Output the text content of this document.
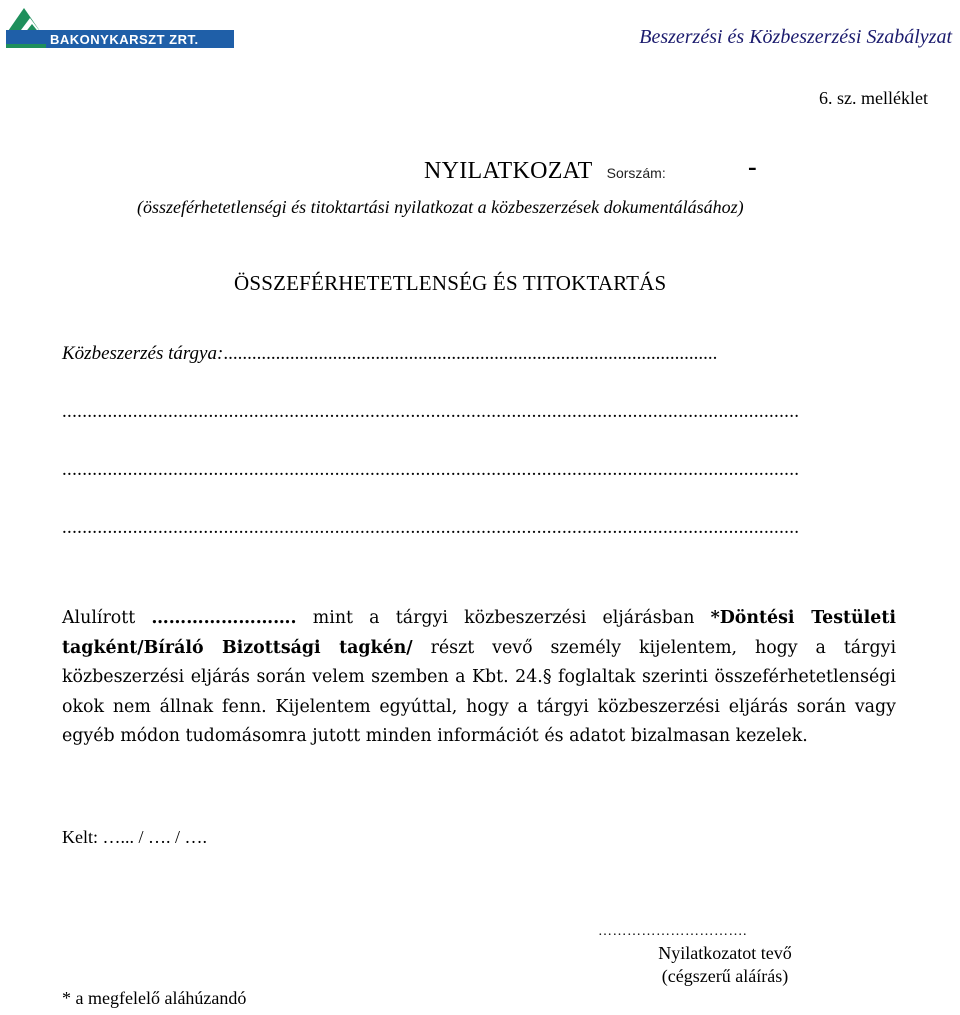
BAKONYKARSZT ZRT.	Beszerzési és Közbeszerzési Szabályzat
6. sz. melléklet
NYILATKOZAT Sorszám:	-
(összeférhetetlenségi és titoktartási nyilatkozat a közbeszerzések dokumentálásához)
ÖSSZEFÉRHETETLENSÉG ÉS TITOKTARTÁS
Közbeszerzés tárgya:........................................................................................................
..................................................................................................................................................
..................................................................................................................................................
..................................................................................................................................................
Alulírott ……………………. mint a tárgyi közbeszerzési eljárásban *Döntési Testületi tagként/Bíráló Bizottsági tagkén/ részt vevő személy kijelentem, hogy a tárgyi közbeszerzési eljárás során velem szemben a Kbt. 24.§ foglaltak szerinti összeférhetetlenségi okok nem állnak fenn. Kijelentem egyúttal, hogy a tárgyi közbeszerzési eljárás során vagy egyéb módon tudomásomra jutott minden információt és adatot bizalmasan kezelek.
Kelt: …... / …. / ….
………………………….
Nyilatkozatot tevő
(cégszerű aláírás)
* a megfelelő aláhúzandó
